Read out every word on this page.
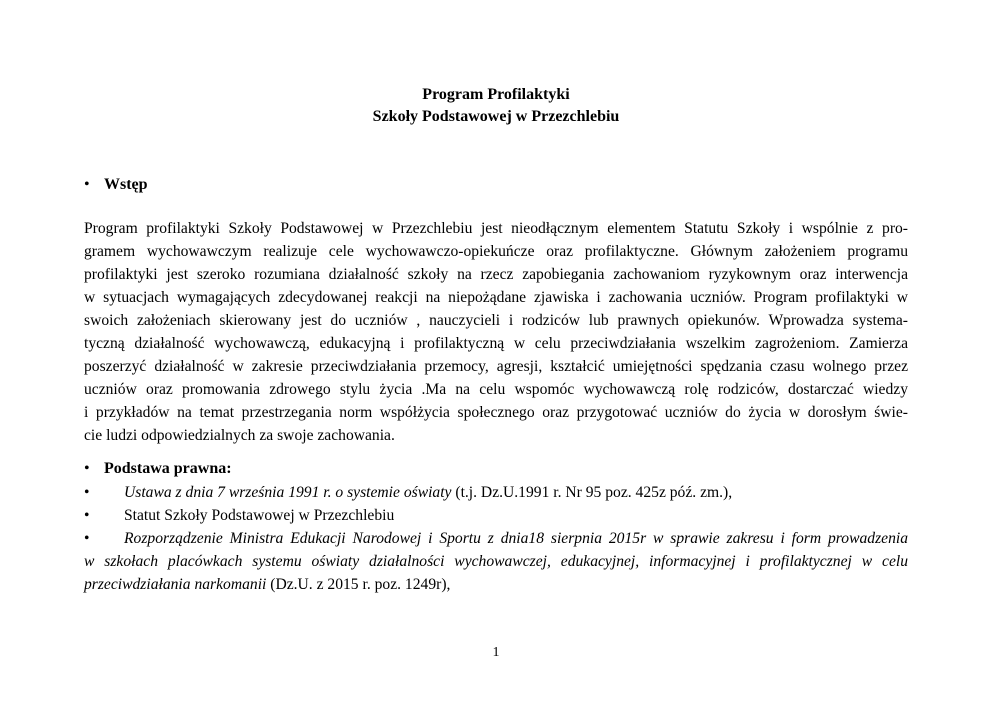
Program Profilaktyki
Szkoły Podstawowej w Przezchlebiu
• Wstęp
Program profilaktyki Szkoły Podstawowej w Przezchlebiu jest nieodłącznym elementem Statutu Szkoły i wspólnie z pro-
gramem wychowawczym realizuje cele wychowawczo-opiekuńcze oraz profilaktyczne. Głównym założeniem programu
profilaktyki jest szeroko rozumiana działalność szkoły na rzecz zapobiegania zachowaniom ryzykownym oraz interwencja
w sytuacjach wymagających zdecydowanej reakcji na niepożądane zjawiska i zachowania uczniów. Program profilaktyki w
swoich założeniach skierowany jest do uczniów , nauczycieli i rodziców lub prawnych opiekunów. Wprowadza systema-
tyczną działalność wychowawczą, edukacyjną i profilaktyczną w celu przeciwdziałania wszelkim zagrożeniom. Zamierza
poszerzyć działalność w zakresie przeciwdziałania przemocy, agresji, kształcić umiejętności spędzania czasu wolnego przez
uczniów oraz promowania zdrowego stylu życia .Ma na celu wspomóc wychowawczą rolę rodziców, dostarczać wiedzy
i przykładów na temat przestrzegania norm współżycia społecznego oraz przygotować uczniów do życia w dorosłym świe-
cie ludzi odpowiedzialnych za swoje zachowania.
• Podstawa prawna:
• Ustawa z dnia 7 września 1991 r. o systemie oświaty (t.j. Dz.U.1991 r. Nr 95 poz. 425z póź. zm.),
• Statut Szkoły Podstawowej w Przezchlebiu
• Rozporządzenie Ministra Edukacji Narodowej i Sportu z dnia18 sierpnia 2015r w sprawie zakresu i form prowadzenia
w szkołach placówkach systemu oświaty działalności wychowawczej, edukacyjnej, informacyjnej i profilaktycznej w celu
przeciwdziałania narkomanii (Dz.U. z 2015 r. poz. 1249r),
1
